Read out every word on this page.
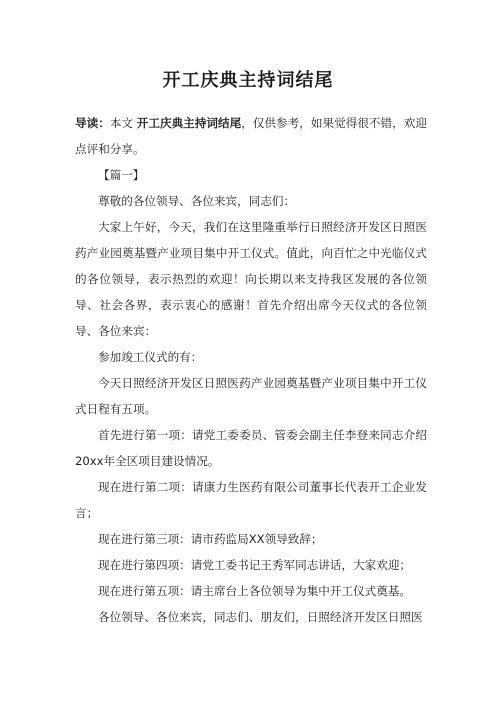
开工庆典主持词结尾

导读：本文 开工庆典主持词结尾，仅供参考，如果觉得很不错，欢迎点评和分享。

【篇一】

尊敬的各位领导、各位来宾，同志们：

大家上午好，今天，我们在这里隆重举行日照经济开发区日照医药产业园奠基暨产业项目集中开工仪式。值此，向百忙之中光临仪式的各位领导，表示热烈的欢迎！向长期以来支持我区发展的各位领导、社会各界，表示衷心的感谢！首先介绍出席今天仪式的各位领导、各位来宾：

参加竣工仪式的有：

今天日照经济开发区日照医药产业园奠基暨产业项目集中开工仪式日程有五项。

首先进行第一项：请党工委委员、管委会副主任李登来同志介绍20xx年全区项目建设情况。

现在进行第二项：请康力生医药有限公司董事长代表开工企业发言；

现在进行第三项：请市药监局XX领导致辞；

现在进行第四项：请党工委书记王秀军同志讲话，大家欢迎；

现在进行第五项：请主席台上各位领导为集中开工仪式奠基。

各位领导、各位来宾，同志们、朋友们，日照经济开发区日照医
